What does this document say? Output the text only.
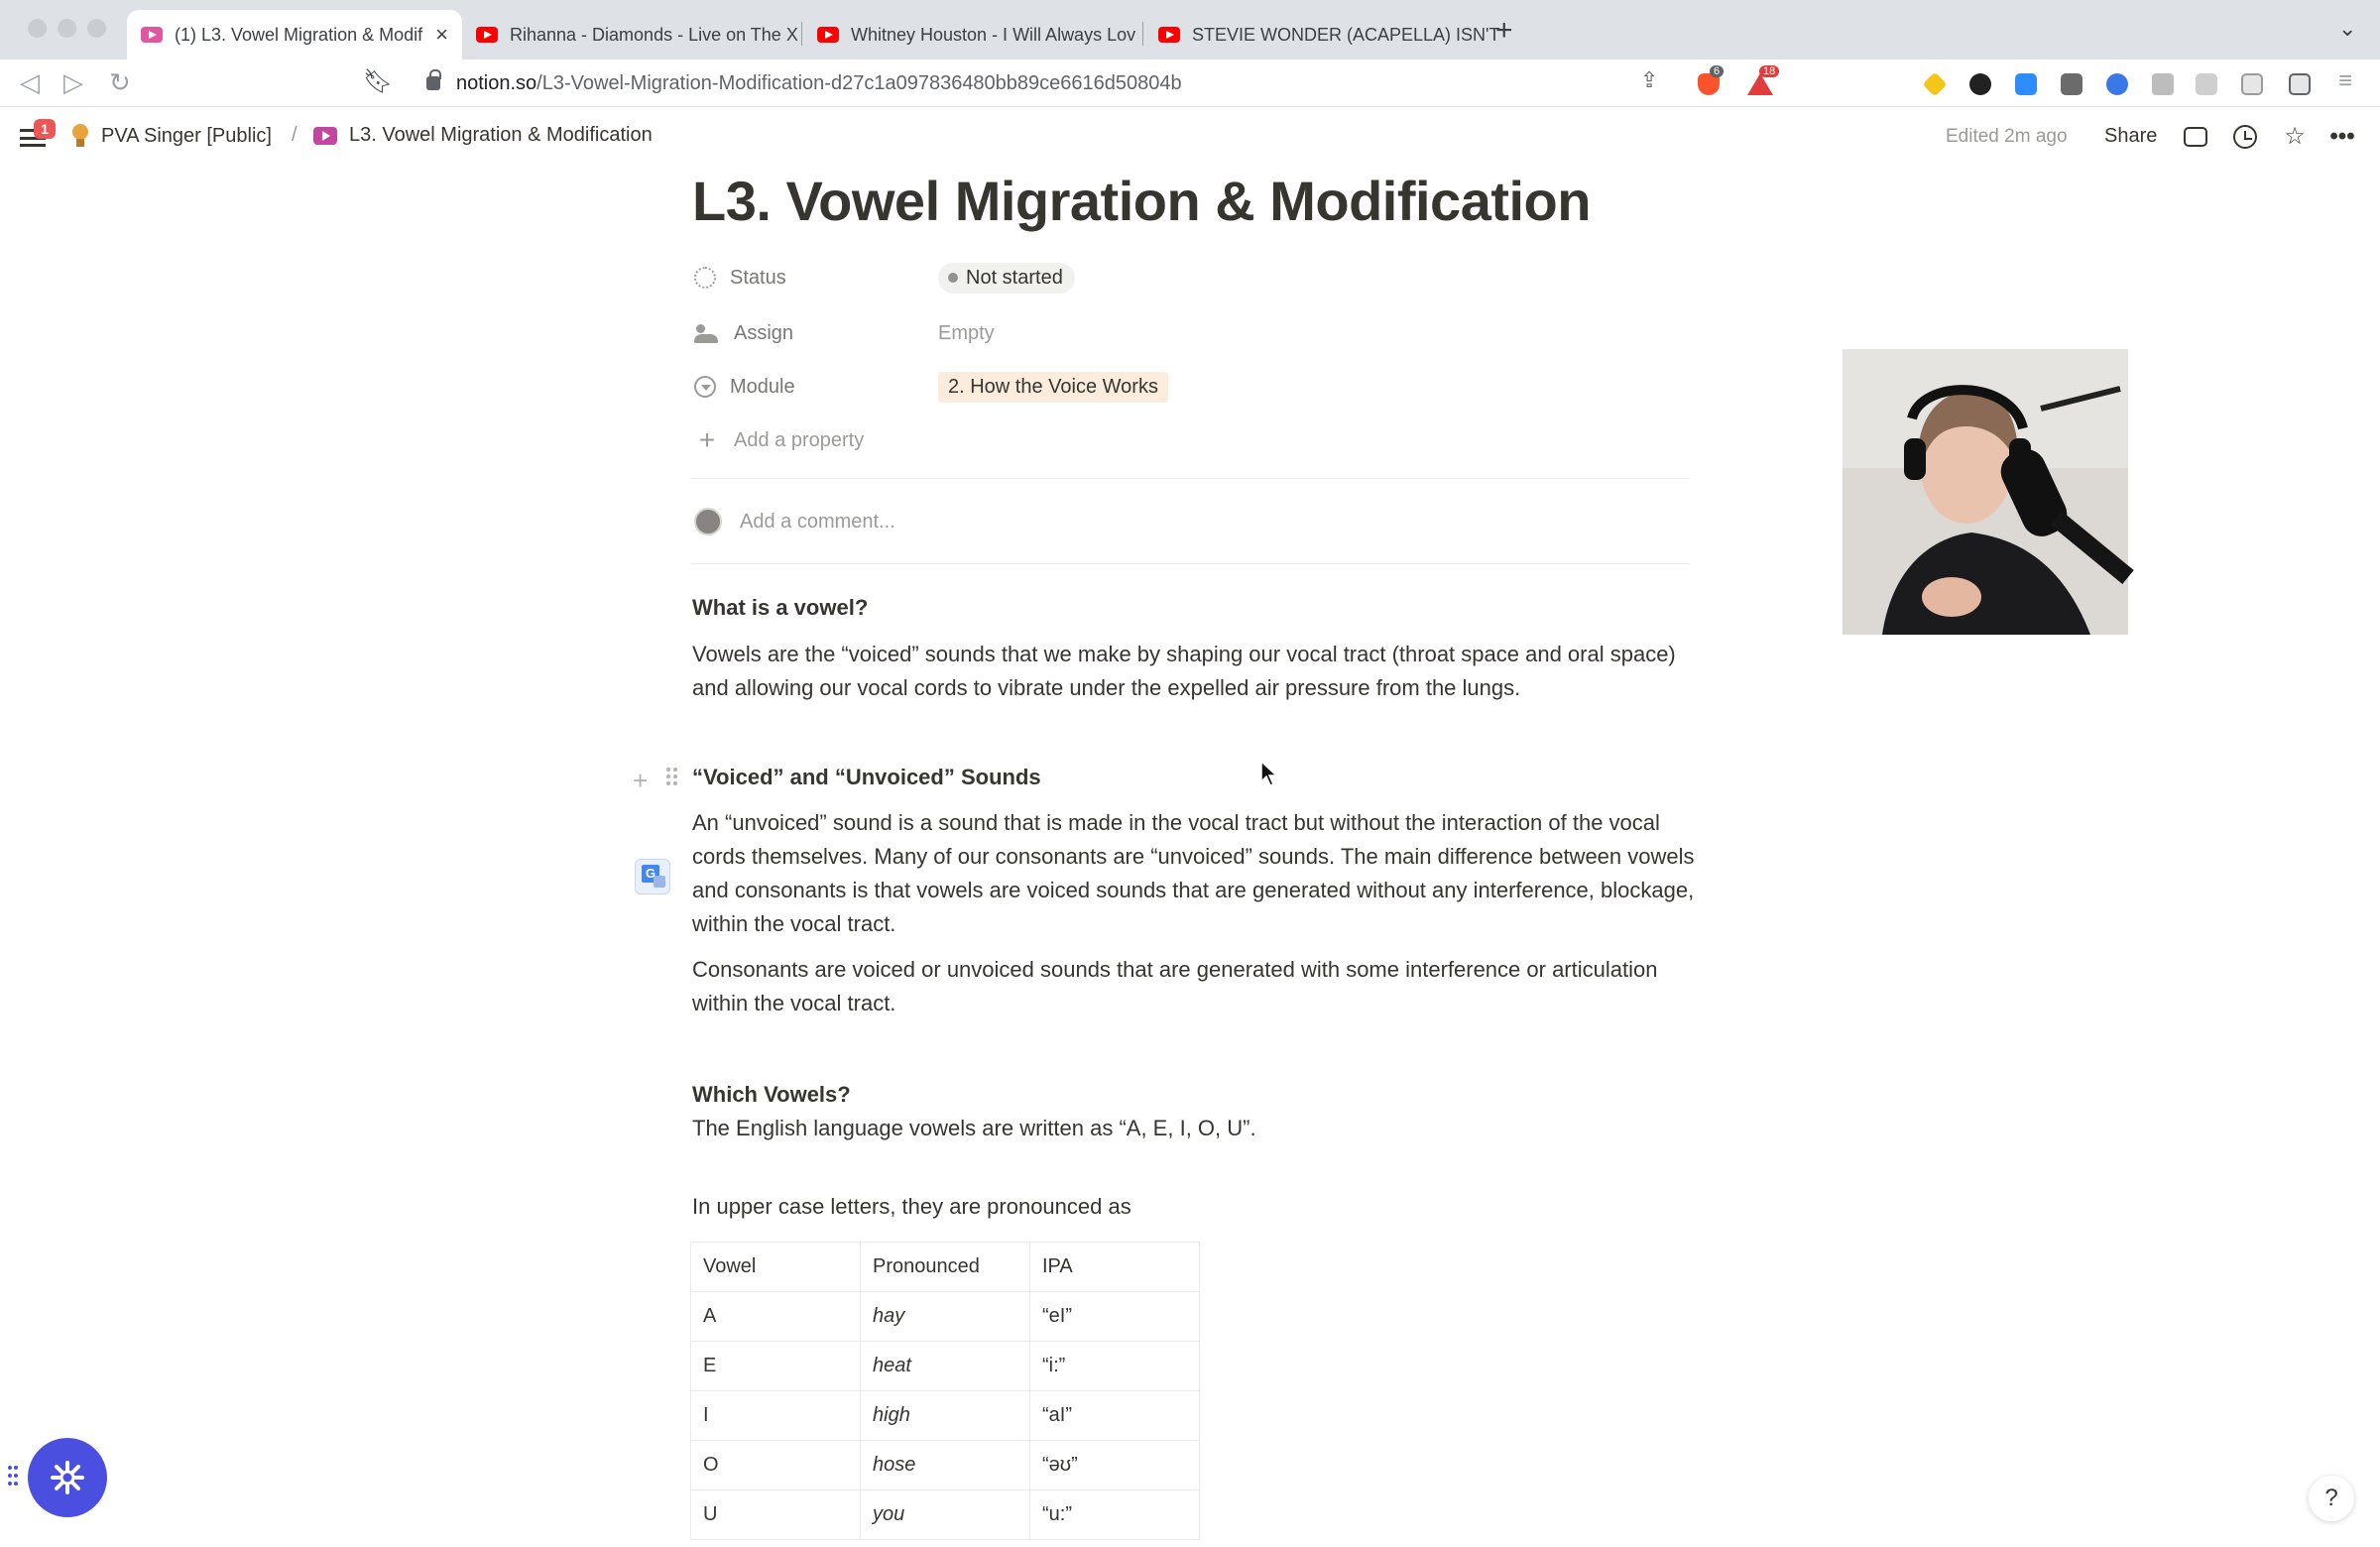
(1) L3. Vowel Migration & Modif ×	Rihanna - Diamonds - Live on The X	Whitney Houston - I Will Always Lov	STEVIE WONDER (ACAPELLA) ISN'T
+	⌄
◁ ▷ ↻	🔖︎	notion.so /L3-Vowel-Migration-Modification-d27c1a097836480bb89ce6616d50804b	⇪	6	18	≡
1	PVA Singer [Public] /	L3. Vowel Migration & Modification	Edited 2m ago Share	☆ •••
L3. Vowel Migration & Modification
Status	Not started
Assign	Empty
Module	2. How the Voice Works
+ Add a property
Add a comment...
What is a vowel?
Vowels are the “voiced” sounds that we make by shaping our vocal tract (throat space and oral space) and allowing our vocal cords to vibrate under the expelled air pressure from the lungs.
+ “Voiced” and “Unvoiced” Sounds
G
An “unvoiced” sound is a sound that is made in the vocal tract but without the interaction of the vocal cords themselves. Many of our consonants are “unvoiced” sounds. The main difference between vowels and consonants is that vowels are voiced sounds that are generated without any interference, blockage, within the vocal tract.
Consonants are voiced or unvoiced sounds that are generated with some interference or articulation within the vocal tract.
Which Vowels?
The English language vowels are written as “A, E, I, O, U”.
In upper case letters, they are pronounced as
Vowel	Pronounced	IPA
A	hay	“eI”
E	heat	“i:”
I	high	“aI”
O	hose	“əʊ”
U	you	“u:”
?
